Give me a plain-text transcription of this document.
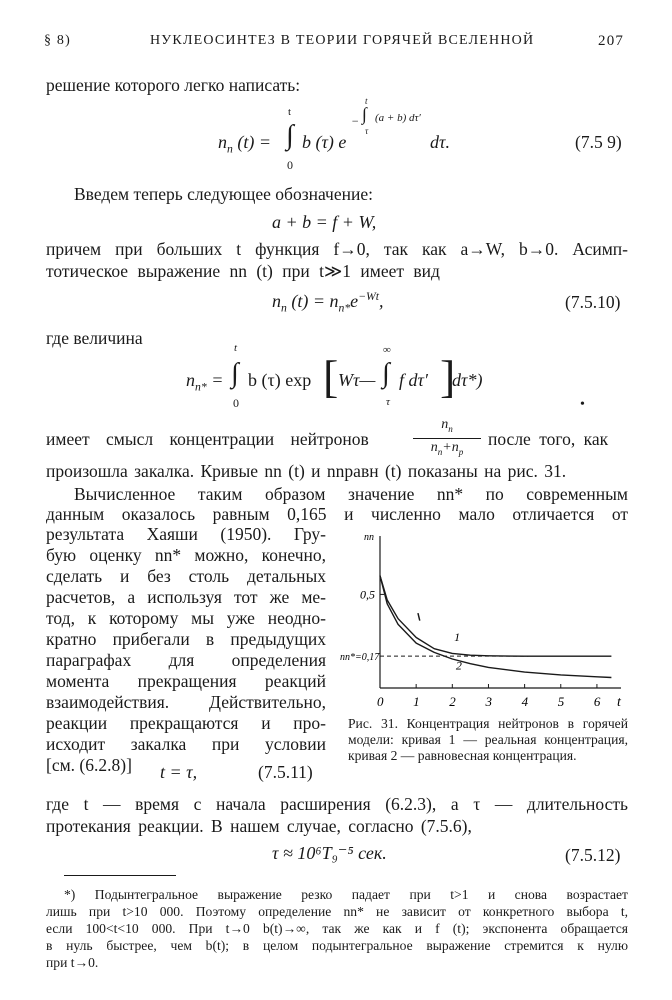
§ 8)	НУКЛЕОСИНТЕЗ В ТЕОРИИ ГОРЯЧЕЙ ВСЕЛЕННОЙ	207
решение которого легко написать:
$n_n$ (t) = ∫
t
0
b (τ) e
− ∫
t
τ
(a + b) dτ′
dτ.	(7.5 9)
Введем теперь следующее обозначение:
a + b = f + W,
причем при больших t функция f→0, так как a→W, b→0. Асимп-
тотическое выражение nn (t) при t≫1 имеет вид
$n_n$ $(t) = n_{n*}e^{-Wt}$,	(7.5.10)
где величина
$n_{n*}$ = ∫
t
0
b (τ) exp [ Wτ— ∫
∞
τ
f dτ′ ]
dτ*)
•
имеет смысл концентрации нейтронов
$n_n$
$n_n+n_p$
после того, как
произошла закалка. Кривые nn (t) и nnравн (t) показаны на рис. 31.
Вычисленное таким образом значение nn* по современным
данным оказалось равным 0,165 и численно мало отличается от
результата Хаяши (1950). Гру-
бую оценку nn* можно, конечно,
сделать и без столь детальных
расчетов, а используя тот же ме-
тод, к которому мы уже неодно-
кратно прибегали в предыдущих
параграфах для определения
момента прекращения реакций
взаимодействия. Действительно,
реакции прекращаются и про-
исходит закалка при условии
[см. (6.2.8)]	t = τ,	(7.5.11)
nn
t
0 1 2 3 4 5 6
0,5
nn*=0,17
1
2
Рис. 31. Концентрация нейтронов в горячей модели: кривая 1 — реальная концентрация, кривая 2 — равновесная концентрация.
где t — время с начала расширения (6.2.3), а τ — длительность
протекания реакции. В нашем случае, согласно (7.5.6),
τ ≈ 10⁶T₉⁻⁵ сек.	(7.5.12)
*) Подынтегральное выражение резко падает при t>1 и снова возрастает
лишь при t>10 000. Поэтому определение nn* не зависит от конкретного выбора t,
если 100<t<10 000. При t→0 b(t)→∞, так же как и f (t); экспонента обращается
в нуль быстрее, чем b(t); в целом подынтегральное выражение стремится к нулю
при t→0.
